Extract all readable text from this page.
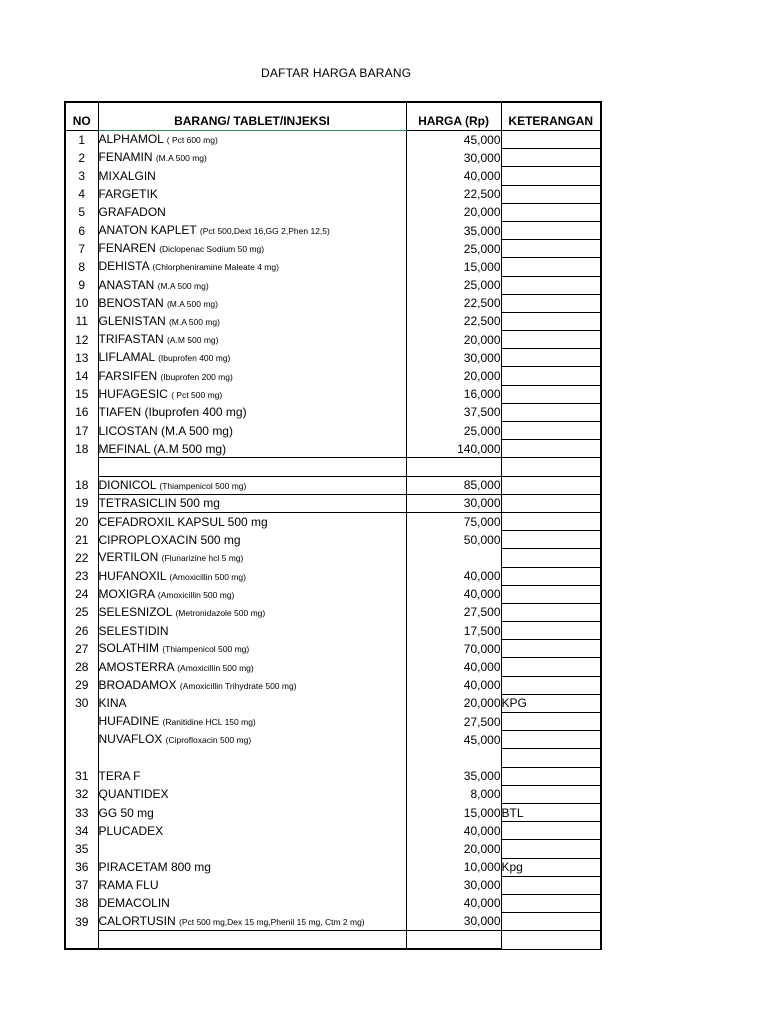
DAFTAR HARGA BARANG
NO	BARANG/ TABLET/INJEKSI	HARGA (Rp)	KETERANGAN
1	ALPHAMOL ( Pct 600 mg)	45,000	
2	FENAMIN (M.A 500 mg)	30,000	
3	MIXALGIN	40,000	
4	FARGETIK	22,500	
5	GRAFADON	20,000	
6	ANATON KAPLET (Pct 500,Dext 16,GG 2,Phen 12,5)	35,000	
7	FENAREN (Diclopenac Sodium 50 mg)	25,000	
8	DEHISTA (Chlorpheniramine Maleate 4 mg)	15,000	
9	ANASTAN (M.A 500 mg)	25,000	
10	BENOSTAN (M.A 500 mg)	22,500	
11	GLENISTAN (M.A 500 mg)	22,500	
12	TRIFASTAN (A.M 500 mg)	20,000	
13	LIFLAMAL (Ibuprofen 400 mg)	30,000	
14	FARSIFEN (Ibuprofen 200 mg)	20,000	
15	HUFAGESIC ( Pct 500 mg)	16,000	
16	TIAFEN (Ibuprofen 400 mg)	37,500	
17	LICOSTAN (M.A 500 mg)	25,000	
18	MEFINAL (A.M 500 mg)	140,000	

18	DIONICOL (Thiampenicol 500 mg)	85,000	
19	TETRASICLIN 500 mg	30,000	
20	CEFADROXIL KAPSUL 500 mg	75,000	
21	CIPROPLOXACIN 500 mg	50,000	
22	VERTILON (Flunarizine hcl 5 mg)		
23	HUFANOXIL (Amoxicillin 500 mg)	40,000	
24	MOXIGRA (Amoxicillin 500 mg)	40,000	
25	SELESNIZOL (Metronidazole 500 mg)	27,500	
26	SELESTIDIN	17,500	
27	SOLATHIM (Thiampenicol 500 mg)	70,000	
28	AMOSTERRA (Amoxicillin 500 mg)	40,000	
29	BROADAMOX (Amoxicillin Trihydrate 500 mg)	40,000	
30	KINA	20,000	KPG
	HUFADINE (Ranitidine HCL 150 mg)	27,500	
	NUVAFLOX (Ciprofloxacin 500 mg)	45,000	

31	TERA F	35,000	
32	QUANTIDEX	8,000	
33	GG 50 mg	15,000	BTL
34	PLUCADEX	40,000	
35		20,000	
36	PIRACETAM 800 mg	10,000	Kpg
37	RAMA FLU	30,000	
38	DEMACOLIN	40,000	
39	CALORTUSIN (Pct 500 mg,Dex 15 mg,Phenil 15 mg, Ctm 2 mg)	30,000	
